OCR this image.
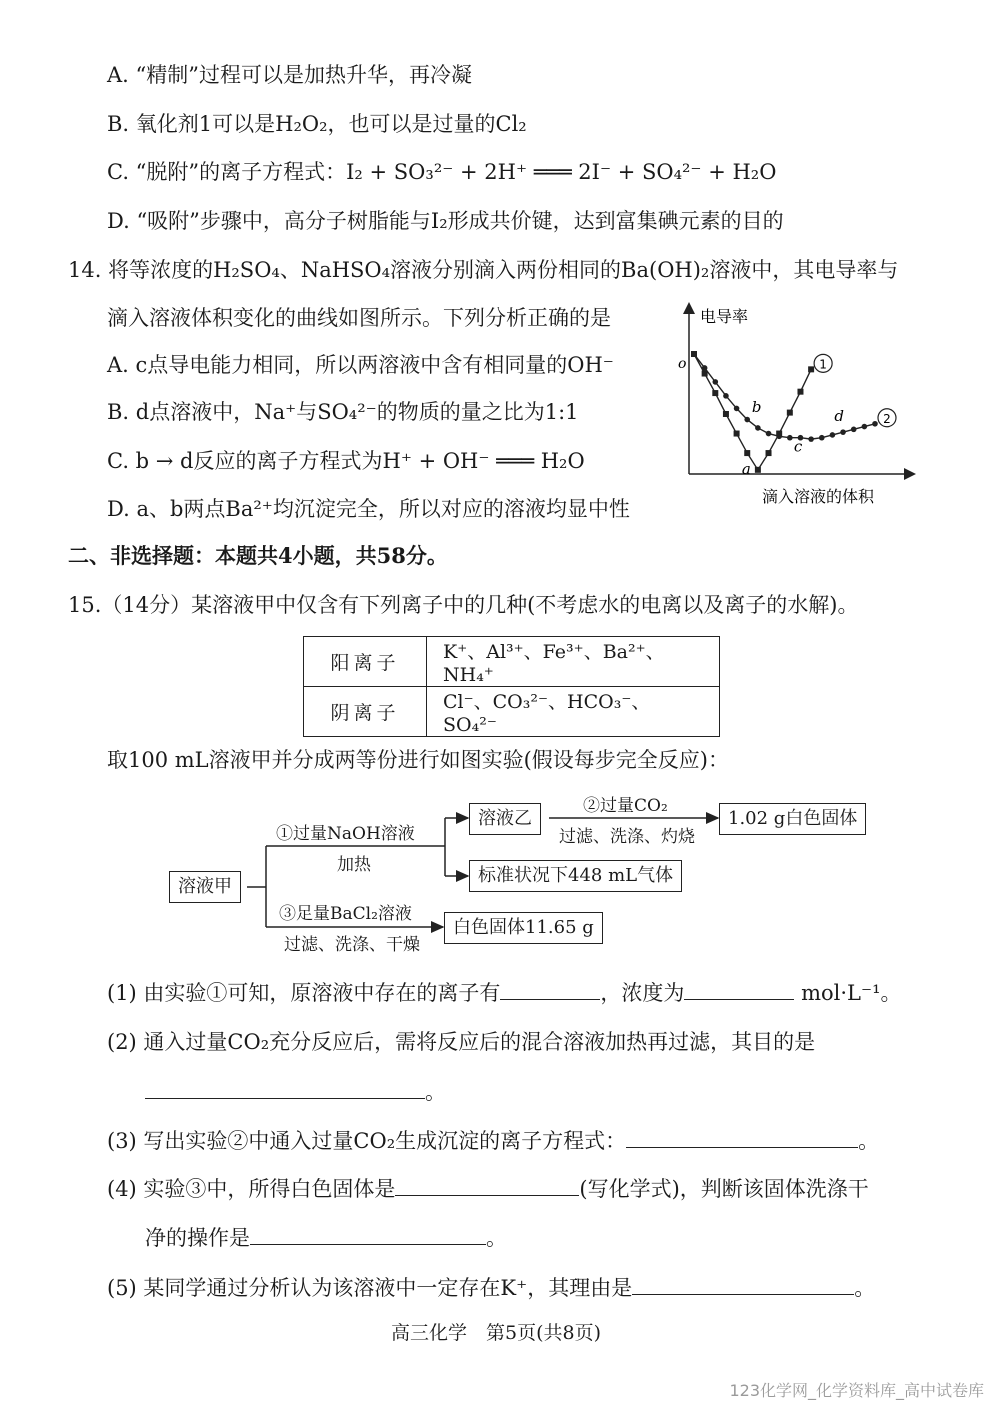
A. “精制”过程可以是加热升华，再冷凝
B. 氧化剂1可以是H₂O₂，也可以是过量的Cl₂
C. “脱附”的离子方程式：I₂ + SO₃²⁻ + 2H⁺ ═══ 2I⁻ + SO₄²⁻ + H₂O
D. “吸附”步骤中，高分子树脂能与I₂形成共价键，达到富集碘元素的目的
14. 将等浓度的H₂SO₄、NaHSO₄溶液分别滴入两份相同的Ba(OH)₂溶液中，其电导率与
滴入溶液体积变化的曲线如图所示。下列分析正确的是
A. c点导电能力相同，所以两溶液中含有相同量的OH⁻
B. d点溶液中，Na⁺与SO₄²⁻的物质的量之比为1:1
C. b → d反应的离子方程式为H⁺ + OH⁻ ═══ H₂O
D. a、b两点Ba²⁺均沉淀完全，所以对应的溶液均显中性
电导率
滴入溶液的体积
o	1
2
a
b
c
d
二、非选择题：本题共4小题，共58分。
15.（14分）某溶液甲中仅含有下列离子中的几种(不考虑水的电离以及离子的水解)。
阳离子	K⁺、Al³⁺、Fe³⁺、Ba²⁺、NH₄⁺
阴离子	Cl⁻、CO₃²⁻、HCO₃⁻、SO₄²⁻
取100 mL溶液甲并分成两等份进行如图实验(假设每步完全反应)：
溶液甲
①过量NaOH溶液
加热
溶液乙
②过量CO₂
过滤、洗涤、灼烧
1.02 g白色固体
标准状况下448 mL气体
③足量BaCl₂溶液
过滤、洗涤、干燥
白色固体11.65 g
(1) 由实验①可知，原溶液中存在的离子有	，浓度为	mol·L⁻¹。
(2) 通入过量CO₂充分反应后，需将反应后的混合溶液加热再过滤，其目的是
。
(3) 写出实验②中通入过量CO₂生成沉淀的离子方程式：	。
(4) 实验③中，所得白色固体是	(写化学式)，判断该固体洗涤干
净的操作是	。
(5) 某同学通过分析认为该溶液中一定存在K⁺，其理由是	。
高三化学　第5页(共8页)
123化学网_化学资料库_高中试卷库
